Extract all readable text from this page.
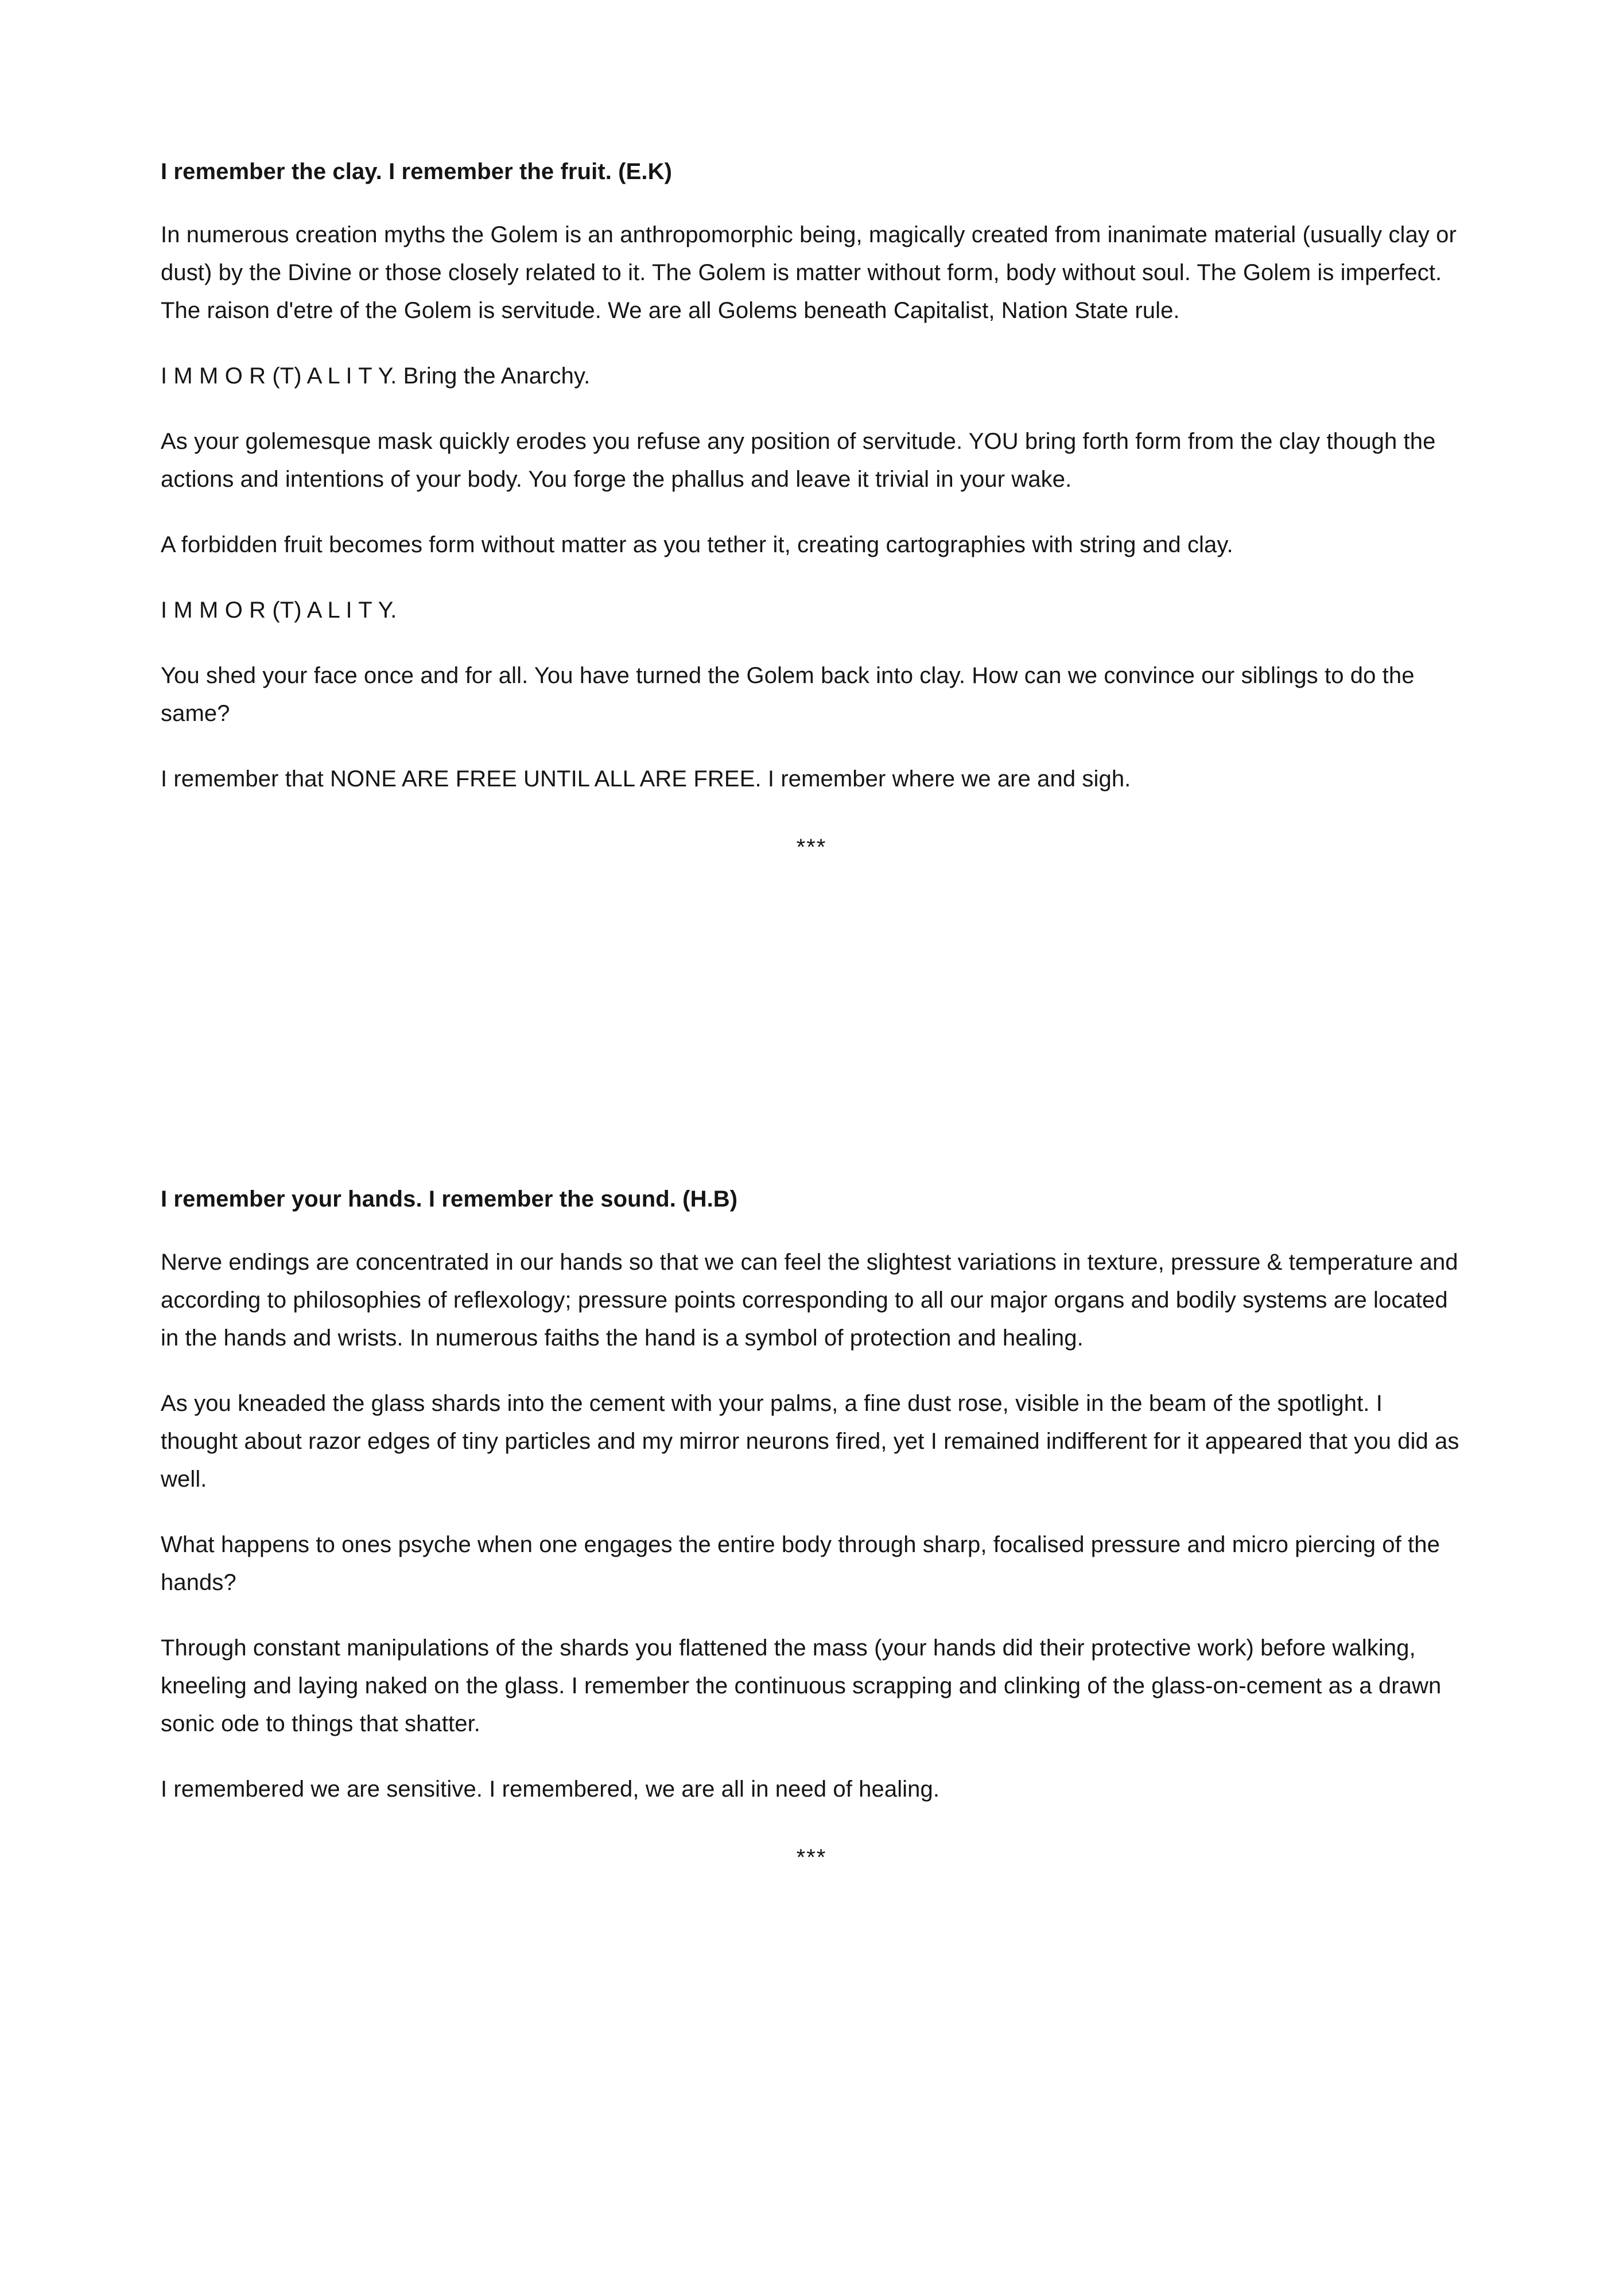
I remember the clay. I remember the fruit. (E.K)

In numerous creation myths the Golem is an anthropomorphic being, magically created from inanimate material (usually clay or dust) by the Divine or those closely related to it. The Golem is matter without form, body without soul. The Golem is imperfect. The raison d'etre of the Golem is servitude. We are all Golems beneath Capitalist, Nation State rule.

I M M O R (T) A L I T Y. Bring the Anarchy.

As your golemesque mask quickly erodes you refuse any position of servitude. YOU bring forth form from the clay though the actions and intentions of your body. You forge the phallus and leave it trivial in your wake.

A forbidden fruit becomes form without matter as you tether it, creating cartographies with string and clay.

I M M O R (T) A L I T Y.

You shed your face once and for all. You have turned the Golem back into clay. How can we convince our siblings to do the same?

I remember that NONE ARE FREE UNTIL ALL ARE FREE. I remember where we are and sigh.

***
I remember your hands. I remember the sound. (H.B)

Nerve endings are concentrated in our hands so that we can feel the slightest variations in texture, pressure & temperature and according to philosophies of reflexology; pressure points corresponding to all our major organs and bodily systems are located in the hands and wrists. In numerous faiths the hand is a symbol of protection and healing.

As you kneaded the glass shards into the cement with your palms, a fine dust rose, visible in the beam of the spotlight. I thought about razor edges of tiny particles and my mirror neurons fired, yet I remained indifferent for it appeared that you did as well.

What happens to ones psyche when one engages the entire body through sharp, focalised pressure and micro piercing of the hands?

Through constant manipulations of the shards you flattened the mass (your hands did their protective work) before walking, kneeling and laying naked on the glass. I remember the continuous scrapping and clinking of the glass-on-cement as a drawn sonic ode to things that shatter.

I remembered we are sensitive. I remembered, we are all in need of healing.

***
